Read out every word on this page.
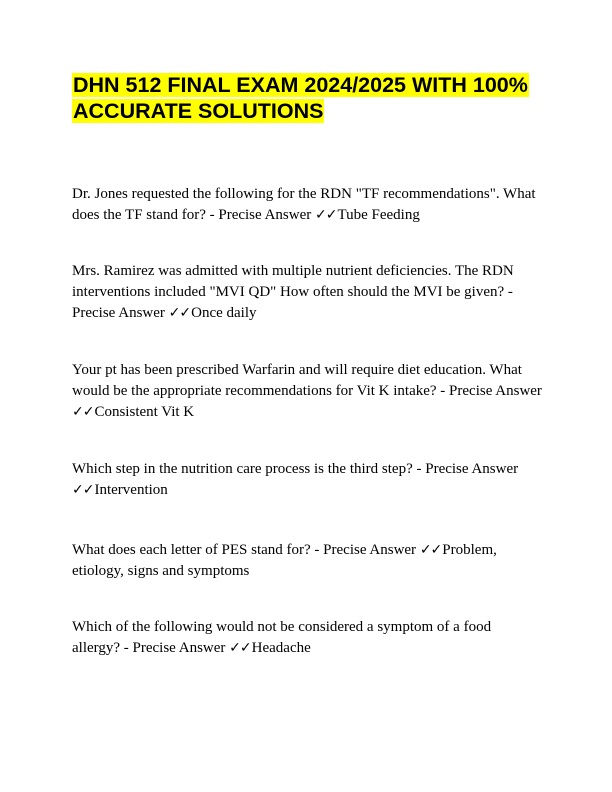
DHN 512 FINAL EXAM 2024/2025 WITH 100% ACCURATE SOLUTIONS

Dr. Jones requested the following for the RDN "TF recommendations". What does the TF stand for? - Precise Answer ✓✓Tube Feeding

Mrs. Ramirez was admitted with multiple nutrient deficiencies. The RDN interventions included "MVI QD" How often should the MVI be given? - Precise Answer ✓✓Once daily

Your pt has been prescribed Warfarin and will require diet education. What would be the appropriate recommendations for Vit K intake? - Precise Answer ✓✓Consistent Vit K

Which step in the nutrition care process is the third step? - Precise Answer ✓✓Intervention

What does each letter of PES stand for? - Precise Answer ✓✓Problem, etiology, signs and symptoms

Which of the following would not be considered a symptom of a food allergy? - Precise Answer ✓✓Headache
